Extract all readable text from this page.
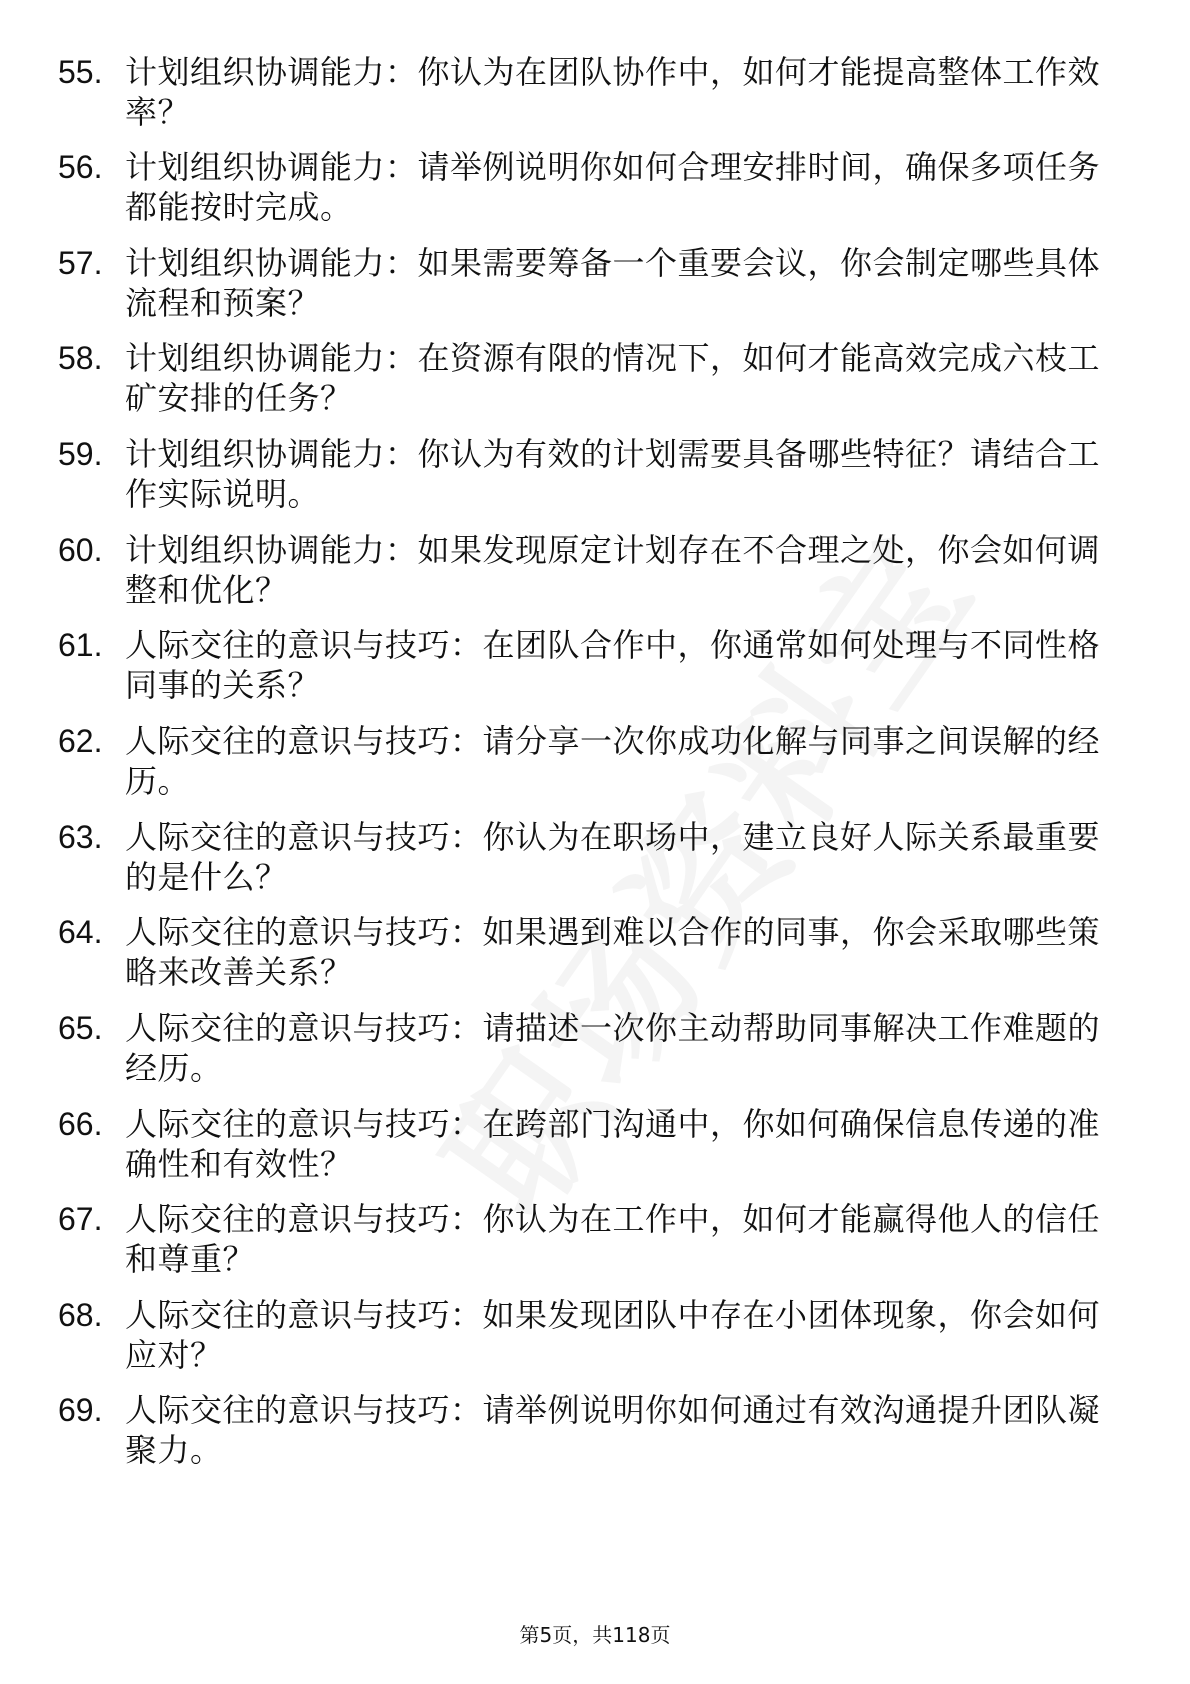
55. 计划组织协调能力：你认为在团队协作中，如何才能提高整体工作效率？

56. 计划组织协调能力：请举例说明你如何合理安排时间，确保多项任务都能按时完成。

57. 计划组织协调能力：如果需要筹备一个重要会议，你会制定哪些具体流程和预案？

58. 计划组织协调能力：在资源有限的情况下，如何才能高效完成六枝工矿安排的任务？

59. 计划组织协调能力：你认为有效的计划需要具备哪些特征？请结合工作实际说明。

60. 计划组织协调能力：如果发现原定计划存在不合理之处，你会如何调整和优化？

61. 人际交往的意识与技巧：在团队合作中，你通常如何处理与不同性格同事的关系？

62. 人际交往的意识与技巧：请分享一次你成功化解与同事之间误解的经历。

63. 人际交往的意识与技巧：你认为在职场中，建立良好人际关系最重要的是什么？

64. 人际交往的意识与技巧：如果遇到难以合作的同事，你会采取哪些策略来改善关系？

65. 人际交往的意识与技巧：请描述一次你主动帮助同事解决工作难题的经历。

66. 人际交往的意识与技巧：在跨部门沟通中，你如何确保信息传递的准确性和有效性？

67. 人际交往的意识与技巧：你认为在工作中，如何才能赢得他人的信任和尊重？

68. 人际交往的意识与技巧：如果发现团队中存在小团体现象，你会如何应对？

69. 人际交往的意识与技巧：请举例说明你如何通过有效沟通提升团队凝聚力。

第5页，共118页
